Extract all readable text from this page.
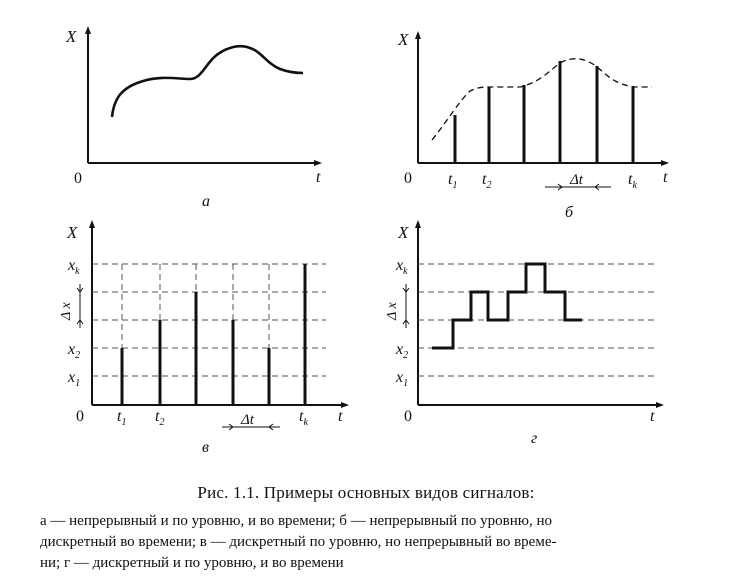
X
t
0
а
X
t
0	Δt
$t_1$ $t_2$	$t_k$
б
X
t
0
$x_k$
$x_2$
$x_1$
Δ x
Δt
$t_1$ $t_2$	$t_k$
в
X
t
0
$x_k$
$x_2$
$x_1$
Δ x
г
Рис. 1.1. Примеры основных видов сигналов:

а — непрерывный и по уровню, и во времени; б — непрерывный по уровню, но

дискретный во времени; в — дискретный по уровню, но непрерывный во време-

ни; г — дискретный и по уровню, и во времени
